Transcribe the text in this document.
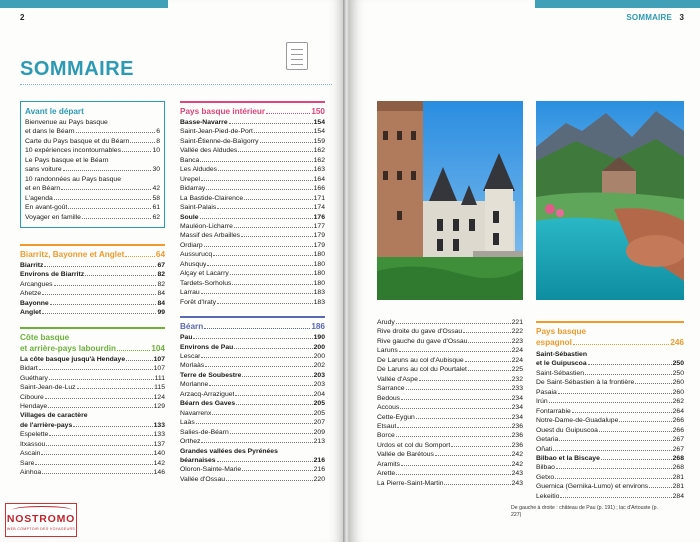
2
SOMMAIRE
Avant le départ
Bienvenue au Pays basque
et dans le Béarn	6
Carte du Pays basque et du Béarn	8
10 expériences incontournables	10
Le Pays basque et le Béarn
sans voiture	30
10 randonnées au Pays basque
et en Béarn	42
L'agenda	58
En avant-goût	61
Voyager en famille	62
Biarritz, Bayonne et Anglet	64
Biarritz	67
Environs de Biarritz	82
Arcangues	82
Ahetze	84
Bayonne	84
Anglet	99
Côte basque
et arrière-pays labourdin	104
La côte basque jusqu'à Hendaye	107
Bidart	107
Guéthary	111
Saint-Jean-de-Luz	115
Ciboure	124
Hendaye	129
Villages de caractère
de l'arrière-pays	133
Espelette	133
Itxassou	137
Ascain	140
Sare	142
Ainhoa	146
Pays basque intérieur	150
Basse-Navarre	154
Saint-Jean-Pied-de-Port	154
Saint-Étienne-de-Baïgorry	159
Vallée des Aldudes	162
Banca	162
Les Aldudes	163
Urepel	164
Bidarray	166
La Bastide-Clairence	171
Saint-Palais	174
Soule	176
Mauléon-Licharre	177
Massif des Arbailles	179
Ordiarp	179
Aussurucq	180
Ahusquy	180
Alçay et Lacarry	180
Tardets-Sorholus	180
Larrau	183
Forêt d'Iraty	183
Béarn	186
Pau	190
Environs de Pau	200
Lescar	200
Morlaàs	202
Terre de Soubestre	203
Morlanne	203
Arzacq-Arraziguet	204
Béarn des Gaves	205
Navarrenx	205
Laàs	207
Salies-de-Béarn	209
Orthez	213
Grandes vallées des Pyrénées
béarnaises	216
Oloron-Sainte-Marie	216
Vallée d'Ossau	220
NOSTROMO
WEB COMPTOIR DES VOYAGEURS
SOMMAIRE 3
Arudy	221
Rive droite du gave d'Ossau	222
Rive gauche du gave d'Ossau	223
Laruns	224
De Laruns au col d'Aubisque	224
De Laruns au col du Pourtalet	225
Vallée d'Aspe	232
Sarrance	233
Bedous	234
Accous	234
Cette-Eygun	234
Etsaut	236
Borce	236
Urdos et col du Somport	236
Vallée de Barétous	242
Aramits	242
Arette	243
La Pierre-Saint-Martin	243
Pays basque
espagnol	246
Saint-Sébastien
et le Guipuscoa	250
Saint-Sébastien	250
De Saint-Sébastien à la frontière	260
Pasaia	260
Irún	262
Fontarrabie	264
Notre-Dame-de-Guadalupe	266
Ouest du Guipuscoa	266
Getaria	267
Oñati	267
Bilbao et la Biscaye	268
Bilbao	268
Getxo	281
Guernica (Gernika-Lumo) et environs	281
Lekeitio	284
De gauche à droite : château de Pau (p. 191) ; lac d'Artouste (p. 227)
